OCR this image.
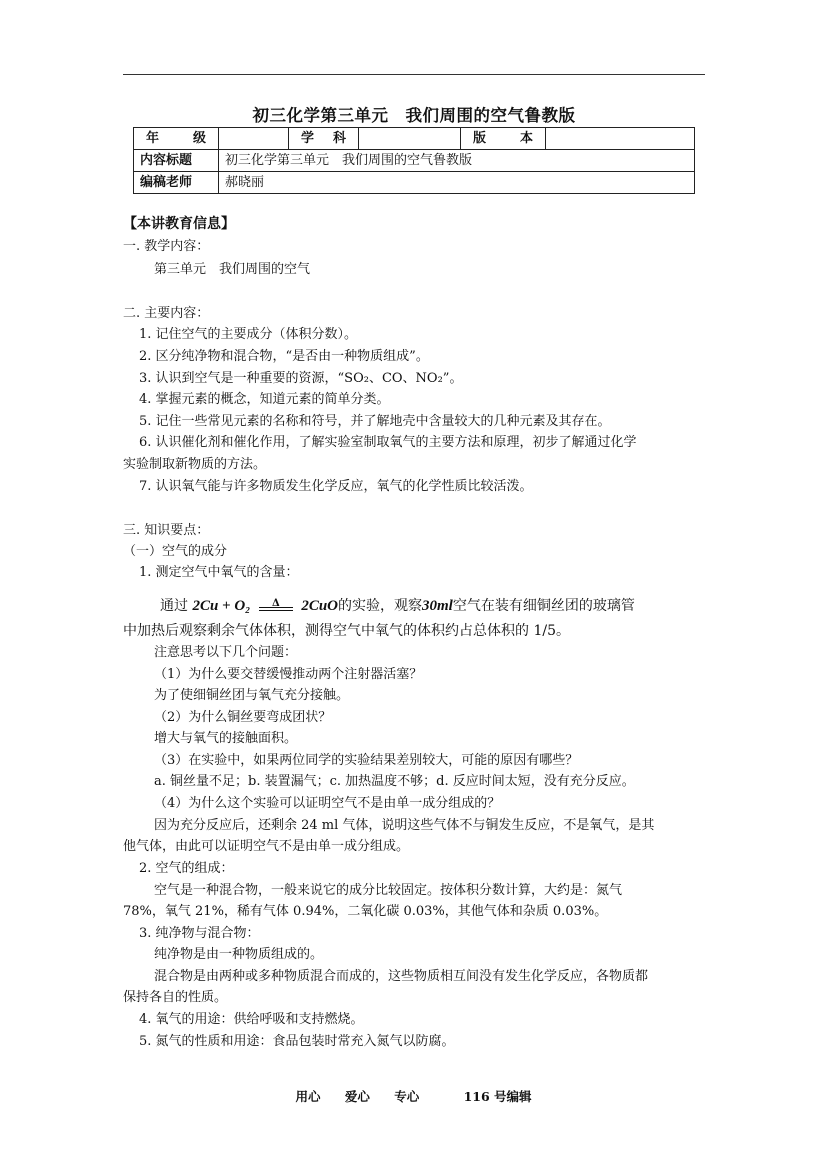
初三化学第三单元　我们周围的空气鲁教版
年 级		学 科		版 本	

内容标题	初三化学第三单元　我们周围的空气鲁教版				
编稿老师	郝晓丽				
【本讲教育信息】
一. 教学内容：
第三单元　我们周围的空气
二. 主要内容：
1. 记住空气的主要成分（体积分数）。
2. 区分纯净物和混合物，“是否由一种物质组成”。
3. 认识到空气是一种重要的资源，“SO₂、CO、NO₂”。
4. 掌握元素的概念，知道元素的简单分类。
5. 记住一些常见元素的名称和符号，并了解地壳中含量较大的几种元素及其存在。
6. 认识催化剂和催化作用，了解实验室制取氧气的主要方法和原理，初步了解通过化学
实验制取新物质的方法。
7. 认识氧气能与许多物质发生化学反应，氧气的化学性质比较活泼。
三. 知识要点：
（一）空气的成分
1. 测定空气中氧气的含量：
通过 2Cu + O₂	Δ	2CuO的实验，观察30ml空气在装有细铜丝团的玻璃管
中加热后观察剩余气体体积，测得空气中氧气的体积约占总体积的 1/5。
注意思考以下几个问题：
（1）为什么要交替缓慢推动两个注射器活塞？
为了使细铜丝团与氧气充分接触。
（2）为什么铜丝要弯成团状？
增大与氧气的接触面积。
（3）在实验中，如果两位同学的实验结果差别较大，可能的原因有哪些？
a. 铜丝量不足；b. 装置漏气；c. 加热温度不够；d. 反应时间太短，没有充分反应。
（4）为什么这个实验可以证明空气不是由单一成分组成的？
因为充分反应后，还剩余 24 ml 气体，说明这些气体不与铜发生反应，不是氧气，是其
他气体，由此可以证明空气不是由单一成分组成。
2. 空气的组成：
空气是一种混合物，一般来说它的成分比较固定。按体积分数计算，大约是：氮气
78%，氧气 21%，稀有气体 0.94%，二氧化碳 0.03%，其他气体和杂质 0.03%。
3. 纯净物与混合物：
纯净物是由一种物质组成的。
混合物是由两种或多种物质混合而成的，这些物质相互间没有发生化学反应，各物质都
保持各自的性质。
4. 氧气的用途：供给呼吸和支持燃烧。
5. 氮气的性质和用途：食品包装时常充入氮气以防腐。
用心 爱心 专心	116 号编辑
